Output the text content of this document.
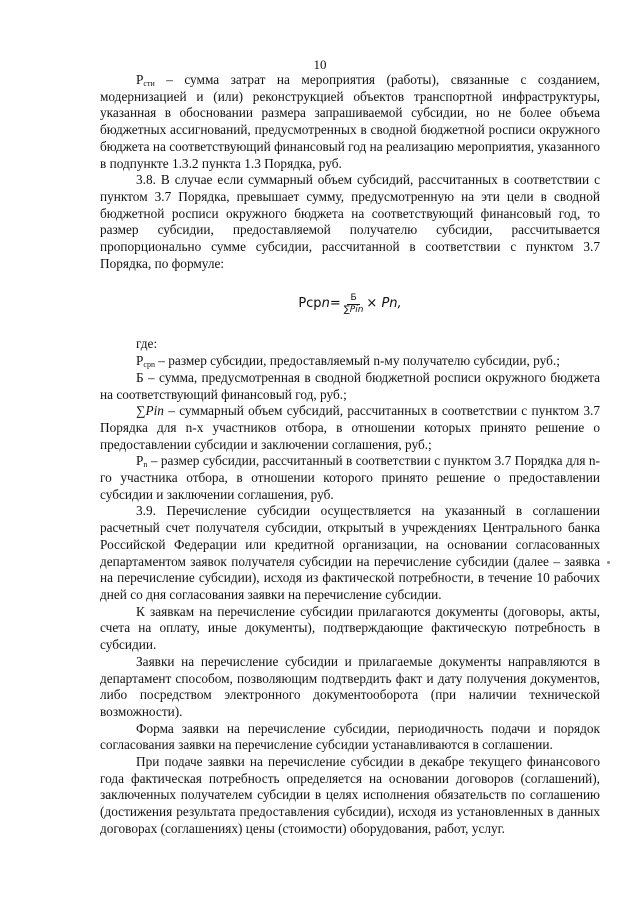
10

$Р_{сти}$ – сумма затрат на мероприятия (работы), связанные с созданием, модернизацией и (или) реконструкцией объектов транспортной инфраструктуры, указанная в обосновании размера запрашиваемой субсидии, но не более объема бюджетных ассигнований, предусмотренных в сводной бюджетной росписи окружного бюджета на соответствующий финансовый год на реализацию мероприятия, указанного в подпункте 1.3.2 пункта 1.3 Порядка, руб.

3.8. В случае если суммарный объем субсидий, рассчитанных в соответствии с пунктом 3.7 Порядка, превышает сумму, предусмотренную на эти цели в сводной бюджетной росписи окружного бюджета на соответствующий финансовый год, то размер субсидии, предоставляемой получателю субсидии, рассчитывается пропорционально сумме субсидии, рассчитанной в соответствии с пунктом 3.7 Порядка, по формуле:

Рср $n = \frac{Б}{\text{∑Pin}} \times Pn$,

где:

$Р_{срn}$ – размер субсидии, предоставляемый n-му получателю субсидии, руб.;

Б – сумма, предусмотренная в сводной бюджетной росписи окружного бюджета на соответствующий финансовый год, руб.;

∑Pin – суммарный объем субсидий, рассчитанных в соответствии с пунктом 3.7 Порядка для n-х участников отбора, в отношении которых принято решение о предоставлении субсидии и заключении соглашения, руб.;

$Р_n$ – размер субсидии, рассчитанный в соответствии с пунктом 3.7 Порядка для n-го участника отбора, в отношении которого принято решение о предоставлении субсидии и заключении соглашения, руб.

3.9. Перечисление субсидии осуществляется на указанный в соглашении расчетный счет получателя субсидии, открытый в учреждениях Центрального банка Российской Федерации или кредитной организации, на основании согласованных департаментом заявок получателя субсидии на перечисление субсидии (далее – заявка на перечисление субсидии), исходя из фактической потребности, в течение 10 рабочих дней со дня согласования заявки на перечисление субсидии.

К заявкам на перечисление субсидии прилагаются документы (договоры, акты, счета на оплату, иные документы), подтверждающие фактическую потребность в субсидии.

Заявки на перечисление субсидии и прилагаемые документы направляются в департамент способом, позволяющим подтвердить факт и дату получения документов, либо посредством электронного документооборота (при наличии технической возможности).

Форма заявки на перечисление субсидии, периодичность подачи и порядок согласования заявки на перечисление субсидии устанавливаются в соглашении.

При подаче заявки на перечисление субсидии в декабре текущего финансового года фактическая потребность определяется на основании договоров (соглашений), заключенных получателем субсидии в целях исполнения обязательств по соглашению (достижения результата предоставления субсидии), исходя из установленных в данных договорах (соглашениях) цены (стоимости) оборудования, работ, услуг.
